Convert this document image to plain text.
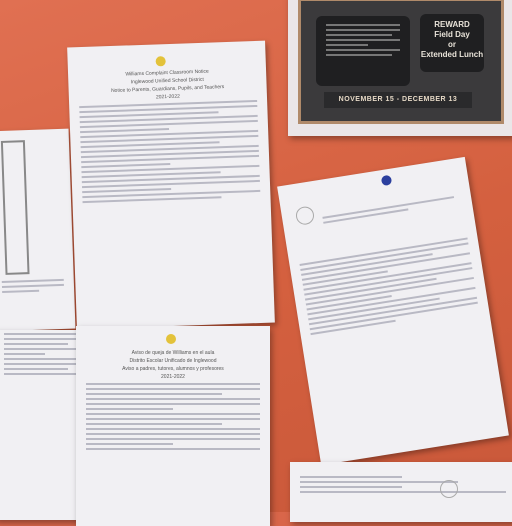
Williams Complaint Classroom Notice
Inglewood Unified School District
Notice to Parents, Guardians, Pupils, and Teachers
2021-2022
Aviso de queja de Williams en el aula
Distrito Escolar Unificado de Inglewood
Aviso a padres, tutores, alumnos y profesores
2021-2022
REWARD
Field Day
or
Extended Lunch
NOVEMBER 15 - DECEMBER 13
